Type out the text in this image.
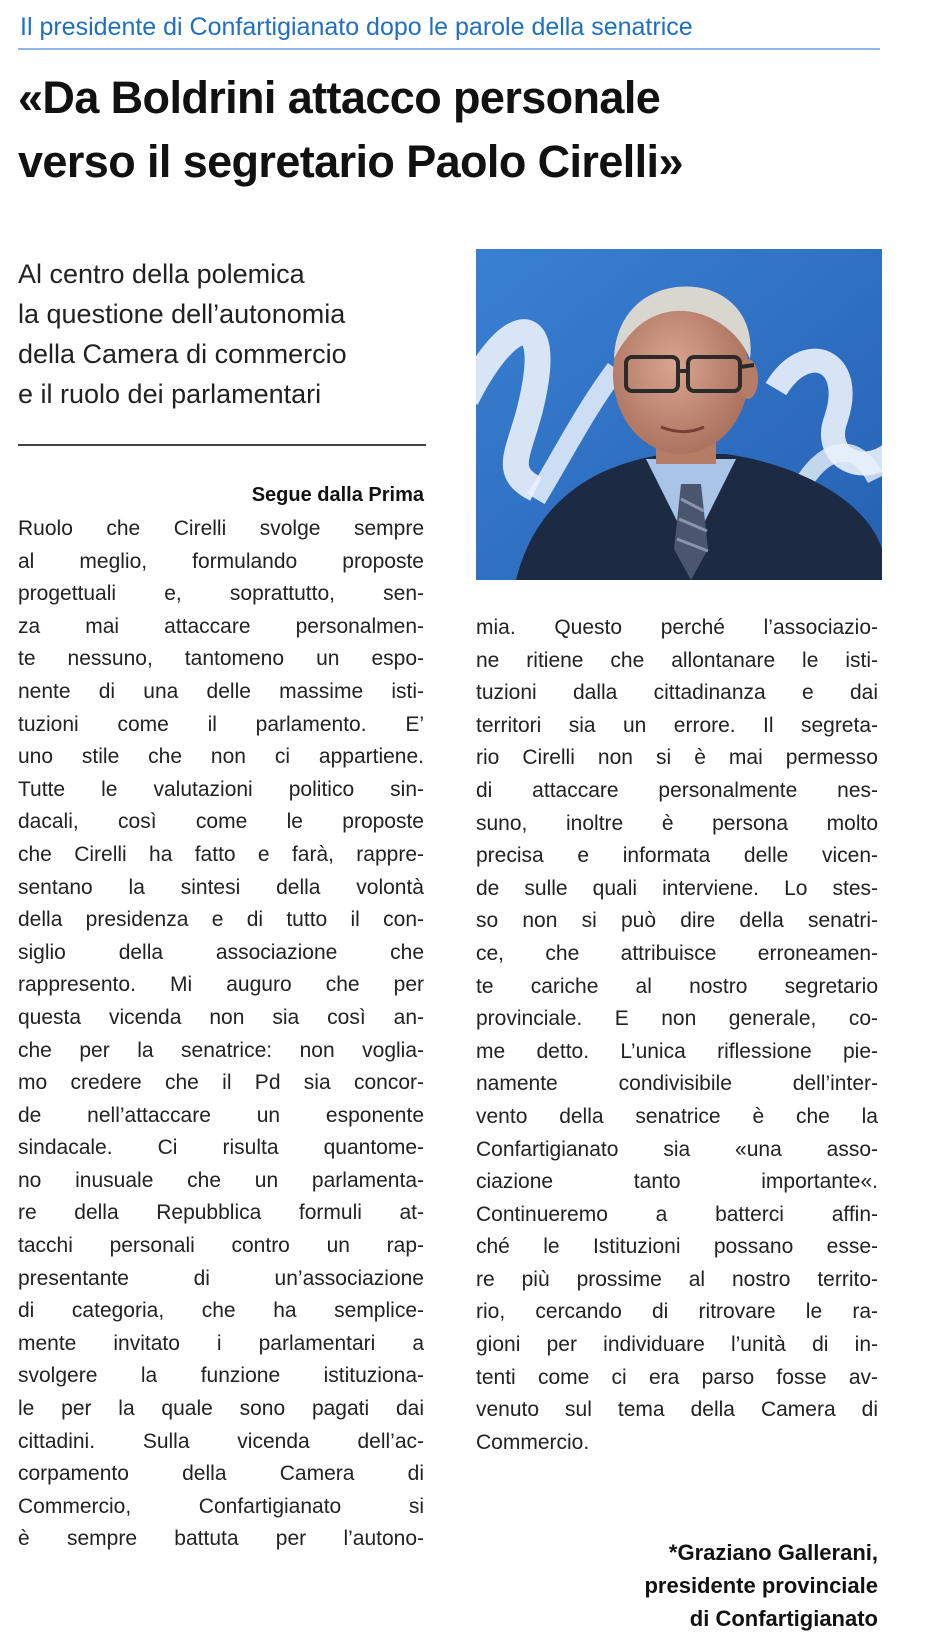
Il presidente di Confartigianato dopo le parole della senatrice
«Da Boldrini attacco personale
verso il segretario Paolo Cirelli»
Al centro della polemica
la questione dell’autonomia
della Camera di commercio
e il ruolo dei parlamentari
Segue dalla Prima
Ruolo che Cirelli svolge sempre
al meglio, formulando proposte
progettuali e, soprattutto, sen-
za mai attaccare personalmen-
te nessuno, tantomeno un espo-
nente di una delle massime isti-
tuzioni come il parlamento. E’
uno stile che non ci appartiene.
Tutte le valutazioni politico sin-
dacali, così come le proposte
che Cirelli ha fatto e farà, rappre-
sentano la sintesi della volontà
della presidenza e di tutto il con-
siglio della associazione che
rappresento. Mi auguro che per
questa vicenda non sia così an-
che per la senatrice: non vogliа-
mo credere che il Pd sia concor-
de nell’attaccare un esponente
sindacale. Ci risulta quantome-
no inusuale che un parlamenta-
re della Repubblica formuli at-
tacchi personali contro un rap-
presentante di un’associazione
di categoria, che ha semplice-
mente invitato i parlamentari a
svolgere la funzione istituziona-
le per la quale sono pagati dai
cittadini. Sulla vicenda dell’ac-
corpamento della Camera di
Commercio, Confartigianato si
è sempre battuta per l’autono-
mia. Questo perché l’associazio-
ne ritiene che allontanare le isti-
tuzioni dalla cittadinanza e dai
territori sia un errore. Il segreta-
rio Cirelli non si è mai permesso
di attaccare personalmente nes-
suno, inoltre è persona molto
precisa e informata delle vicen-
de sulle quali interviene. Lo stes-
so non si può dire della senatri-
ce, che attribuisce erroneamen-
te cariche al nostro segretario
provinciale. E non generale, co-
me detto. L’unica riflessione pie-
namente condivisibile dell’inter-
vento della senatrice è che la
Confartigianato sia «una asso-
ciazione tanto importante«.
Continueremo a batterci affin-
ché le Istituzioni possano esse-
re più prossime al nostro territo-
rio, cercando di ritrovare le ra-
gioni per individuare l’unità di in-
tenti come ci era parso fosse av-
venuto sul tema della Camera di
Commercio.
*Graziano Gallerani,
presidente provinciale
di Confartigianato
